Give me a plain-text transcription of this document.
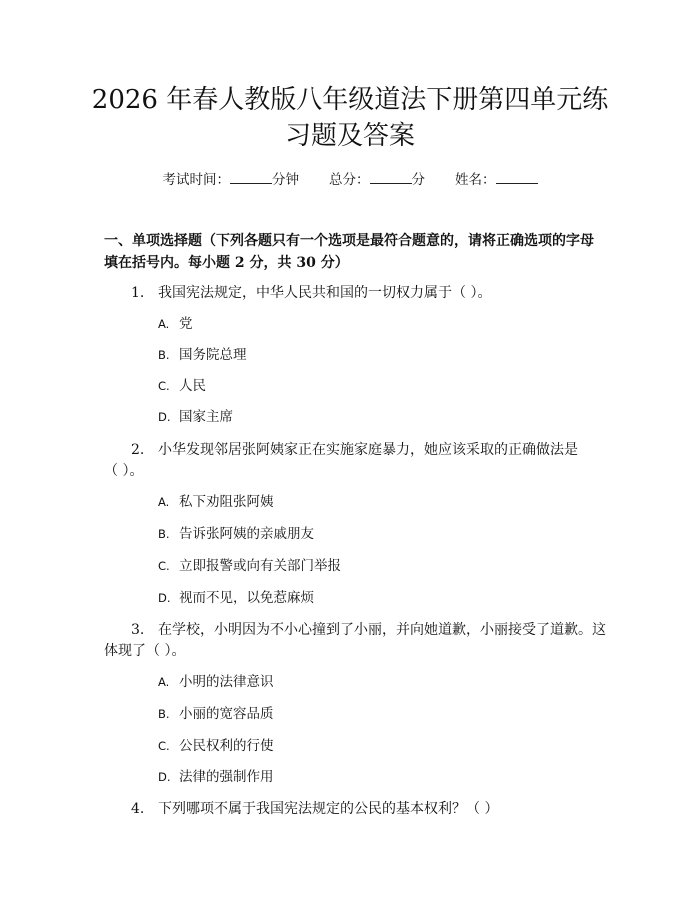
2026 年春人教版八年级道法下册第四单元练
习题及答案
考试时间：	分钟 总分：	分 姓名：
一、单项选择题（下列各题只有一个选项是最符合题意的，请将正确选项的字母
填在括号内。每小题 2 分，共 30 分）
1. 我国宪法规定，中华人民共和国的一切权力属于（ ）。
A. 党
B. 国务院总理
C. 人民
D. 国家主席
2. 小华发现邻居张阿姨家正在实施家庭暴力，她应该采取的正确做法是
（ ）。
A. 私下劝阻张阿姨
B. 告诉张阿姨的亲戚朋友
C. 立即报警或向有关部门举报
D. 视而不见，以免惹麻烦
3. 在学校，小明因为不小心撞到了小丽，并向她道歉，小丽接受了道歉。这
体现了（ ）。
A. 小明的法律意识
B. 小丽的宽容品质
C. 公民权利的行使
D. 法律的强制作用
4. 下列哪项不属于我国宪法规定的公民的基本权利？（ ）
